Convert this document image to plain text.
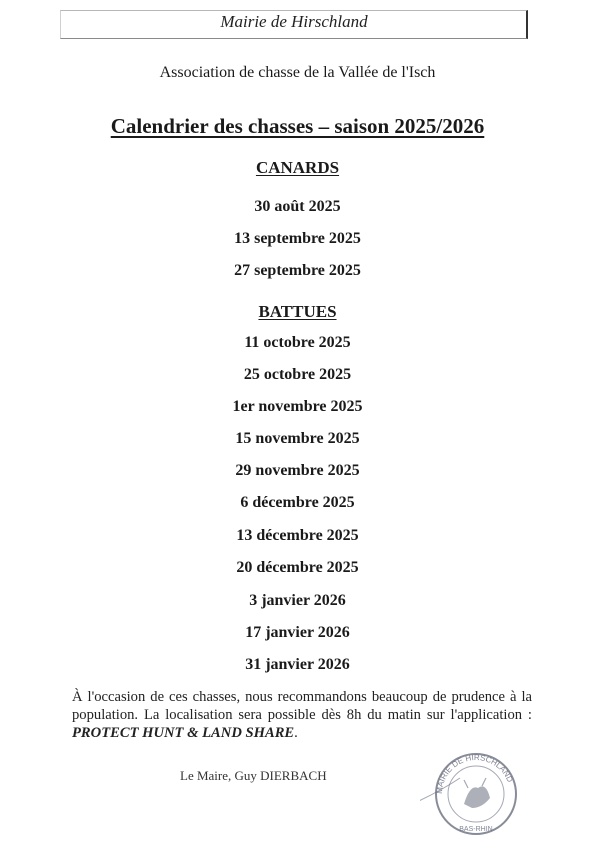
Mairie de Hirschland
Association de chasse de la Vallée de l'Isch
Calendrier des chasses – saison 2025/2026
CANARDS
30 août 2025
13 septembre 2025
27 septembre 2025
BATTUES
11 octobre 2025
25 octobre 2025
1er novembre 2025
15 novembre 2025
29 novembre 2025
6 décembre 2025
13 décembre 2025
20 décembre 2025
3 janvier 2026
17 janvier 2026
31 janvier 2026
À l'occasion de ces chasses, nous recommandons beaucoup de prudence à la population. La localisation sera possible dès 8h du matin sur l'application : PROTECT HUNT & LAND SHARE.
Le Maire, Guy DIERBACH
MAIRIE DE HIRSCHLAND
BAS-RHIN
